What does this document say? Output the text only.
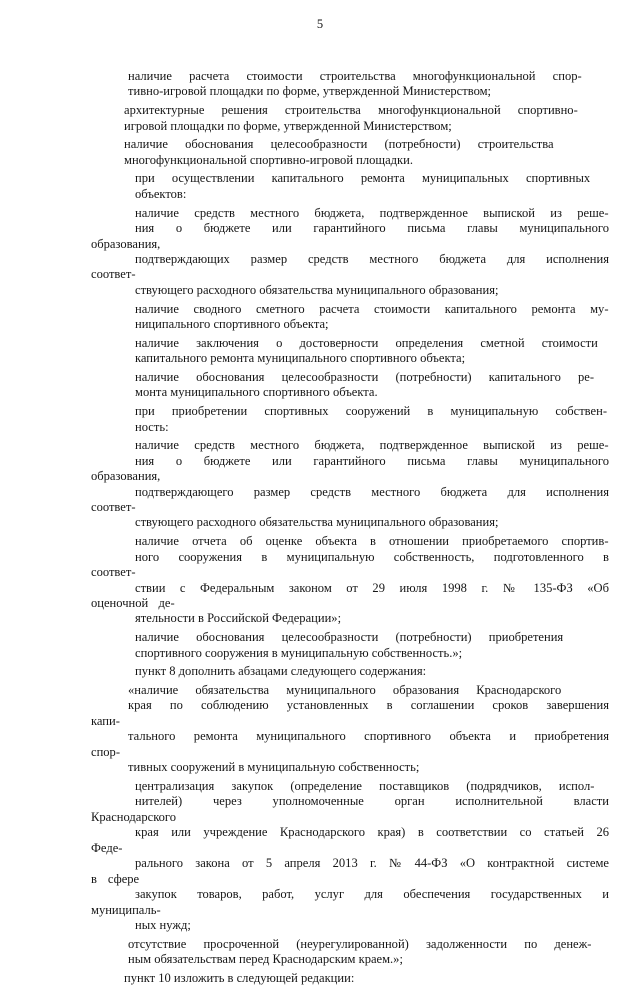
5
наличие расчета стоимости строительства многофункциональной спор-
тивно-игровой площадки по форме, утвержденной Министерством;
архитектурные решения строительства многофункциональной спортивно-
игровой площадки по форме, утвержденной Министерством;
наличие обоснования целесообразности (потребности) строительства
многофункциональной спортивно-игровой площадки.
при осуществлении капитального ремонта муниципальных спортивных
объектов:
наличие средств местного бюджета, подтвержденное выпиской из реше-
ния о бюджете или гарантийного письма главы муниципального образования,
подтверждающих размер средств местного бюджета для исполнения соответ-
ствующего расходного обязательства муниципального образования;
наличие сводного сметного расчета стоимости капитального ремонта му-
ниципального спортивного объекта;
наличие заключения о достоверности определения сметной стоимости
капитального ремонта муниципального спортивного объекта;
наличие обоснования целесообразности (потребности) капитального ре-
монта муниципального спортивного объекта.
при приобретении спортивных сооружений в муниципальную собствен-
ность:
наличие средств местного бюджета, подтвержденное выпиской из реше-
ния о бюджете или гарантийного письма главы муниципального образования,
подтверждающего размер средств местного бюджета для исполнения соответ-
ствующего расходного обязательства муниципального образования;
наличие отчета об оценке объекта в отношении приобретаемого спортив-
ного сооружения в муниципальную собственность, подготовленного в соответ-
ствии с Федеральным законом от 29 июля 1998 г. № 135-ФЗ «Об оценочной де-
ятельности в Российской Федерации»;
наличие обоснования целесообразности (потребности) приобретения
спортивного сооружения в муниципальную собственность.»;
пункт 8 дополнить абзацами следующего содержания:
«наличие обязательства муниципального образования Краснодарского
края по соблюдению установленных в соглашении сроков завершения капи-
тального ремонта муниципального спортивного объекта и приобретения спор-
тивных сооружений в муниципальную собственность;
централизация закупок (определение поставщиков (подрядчиков, испол-
нителей) через уполномоченные орган исполнительной власти Краснодарского
края или учреждение Краснодарского края) в соответствии со статьей 26 Феде-
рального закона от 5 апреля 2013 г. № 44-ФЗ «О контрактной системе в сфере
закупок товаров, работ, услуг для обеспечения государственных и муниципаль-
ных нужд;
отсутствие просроченной (неурегулированной) задолженности по денеж-
ным обязательствам перед Краснодарским краем.»;
пункт 10 изложить в следующей редакции:
